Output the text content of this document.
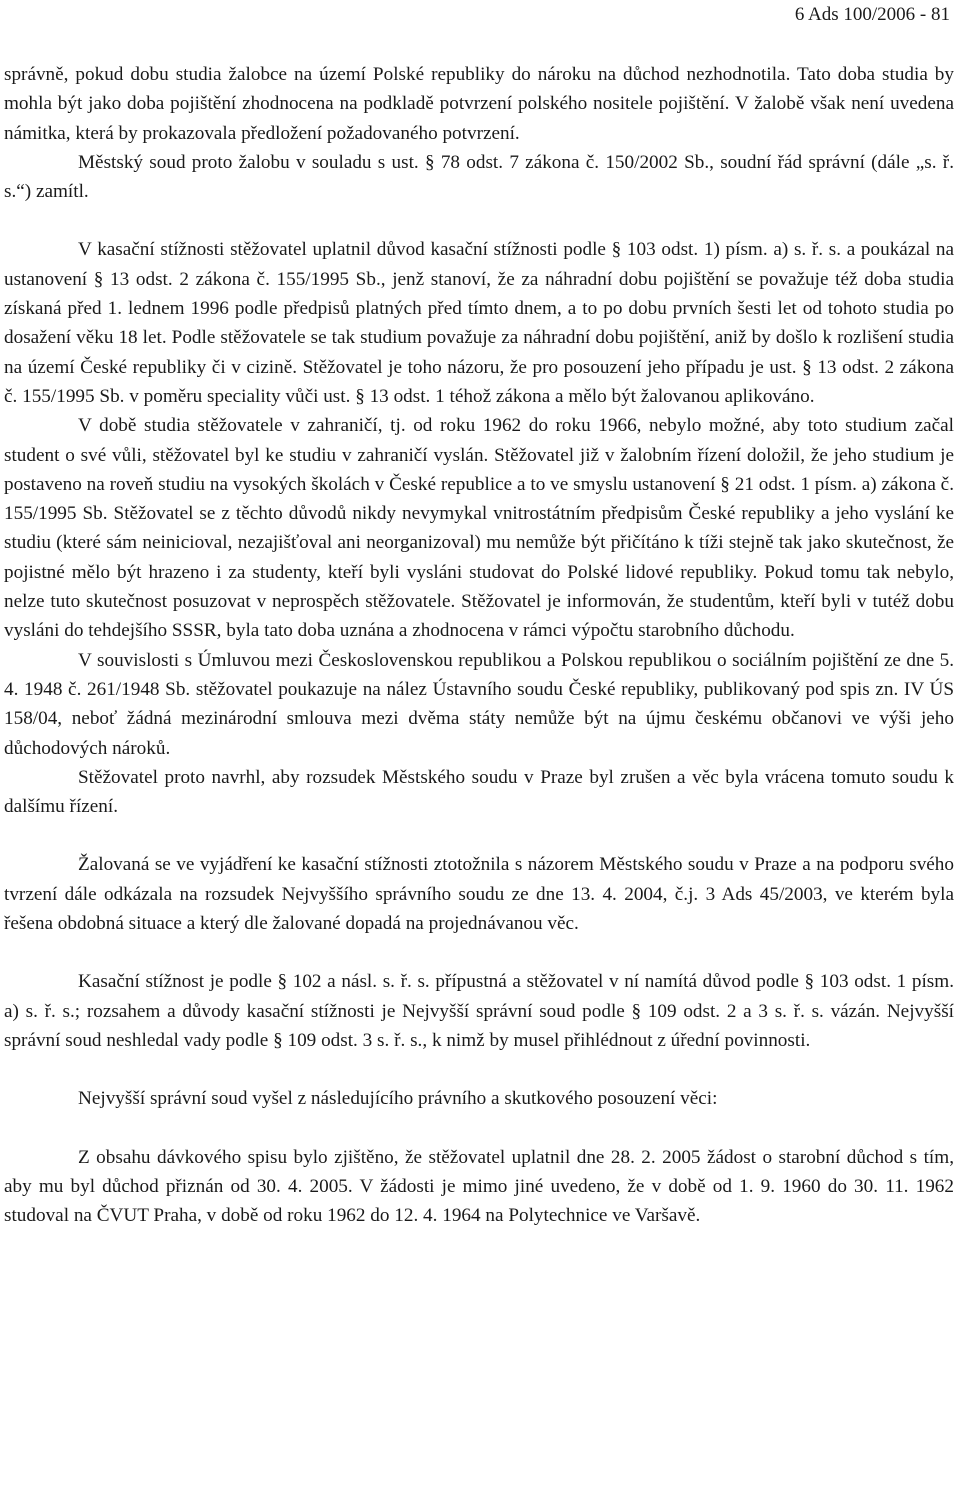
6 Ads 100/2006 - 81

správně, pokud dobu studia žalobce na území Polské republiky do nároku na důchod nezhodnotila. Tato doba studia by mohla být jako doba pojištění zhodnocena na podkladě potvrzení polského nositele pojištění. V žalobě však není uvedena námitka, která by prokazovala předložení požadovaného potvrzení.

Městský soud proto žalobu v souladu s ust. § 78 odst. 7 zákona č. 150/2002 Sb., soudní řád správní (dále „s. ř. s.“) zamítl.

V kasační stížnosti stěžovatel uplatnil důvod kasační stížnosti podle § 103 odst. 1) písm. a) s. ř. s. a poukázal na ustanovení § 13 odst. 2 zákona č. 155/1995 Sb., jenž stanoví, že za náhradní dobu pojištění se považuje též doba studia získaná před 1. lednem 1996 podle předpisů platných před tímto dnem, a to po dobu prvních šesti let od tohoto studia po dosažení věku 18 let. Podle stěžovatele se tak studium považuje za náhradní dobu pojištění, aniž by došlo k rozlišení studia na území České republiky či v cizině. Stěžovatel je toho názoru, že pro posouzení jeho případu je ust. § 13 odst. 2 zákona č. 155/1995 Sb. v poměru speciality vůči ust. § 13 odst. 1 téhož zákona a mělo být žalovanou aplikováno.

V době studia stěžovatele v zahraničí, tj. od roku 1962 do roku 1966, nebylo možné, aby toto studium začal student o své vůli, stěžovatel byl ke studiu v zahraničí vyslán. Stěžovatel již v žalobním řízení doložil, že jeho studium je postaveno na roveň studiu na vysokých školách v České republice a to ve smyslu ustanovení § 21 odst. 1 písm. a) zákona č. 155/1995 Sb. Stěžovatel se z těchto důvodů nikdy nevymykal vnitrostátním předpisům České republiky a jeho vyslání ke studiu (které sám neinicioval, nezajišťoval ani neorganizoval) mu nemůže být přičítáno k tíži stejně tak jako skutečnost, že pojistné mělo být hrazeno i za studenty, kteří byli vysláni studovat do Polské lidové republiky. Pokud tomu tak nebylo, nelze tuto skutečnost posuzovat v neprospěch stěžovatele. Stěžovatel je informován, že studentům, kteří byli v tutéž dobu vysláni do tehdejšího SSSR, byla tato doba uznána a zhodnocena v rámci výpočtu starobního důchodu.

V souvislosti s Úmluvou mezi Československou republikou a Polskou republikou o sociálním pojištění ze dne 5. 4. 1948 č. 261/1948 Sb. stěžovatel poukazuje na nález Ústavního soudu České republiky, publikovaný pod spis zn. IV ÚS 158/04, neboť žádná mezinárodní smlouva mezi dvěma státy nemůže být na újmu českému občanovi ve výši jeho důchodových nároků.

Stěžovatel proto navrhl, aby rozsudek Městského soudu v Praze byl zrušen a věc byla vrácena tomuto soudu k dalšímu řízení.

Žalovaná se ve vyjádření ke kasační stížnosti ztotožnila s názorem Městského soudu v Praze a na podporu svého tvrzení dále odkázala na rozsudek Nejvyššího správního soudu ze dne 13. 4. 2004, č.j. 3 Ads 45/2003, ve kterém byla řešena obdobná situace a který dle žalované dopadá na projednávanou věc.

Kasační stížnost je podle § 102 a násl. s. ř. s. přípustná a stěžovatel v ní namítá důvod podle § 103 odst. 1 písm. a) s. ř. s.; rozsahem a důvody kasační stížnosti je Nejvyšší správní soud podle § 109 odst. 2 a 3 s. ř. s. vázán. Nejvyšší správní soud neshledal vady podle § 109 odst. 3 s. ř. s., k nimž by musel přihlédnout z úřední povinnosti.

Nejvyšší správní soud vyšel z následujícího právního a skutkového posouzení věci:

Z obsahu dávkového spisu bylo zjištěno, že stěžovatel uplatnil dne 28. 2. 2005 žádost o starobní důchod s tím, aby mu byl důchod přiznán od 30. 4. 2005. V žádosti je mimo jiné uvedeno, že v době od 1. 9. 1960 do 30. 11. 1962 studoval na ČVUT Praha, v době od roku 1962 do 12. 4. 1964 na Polytechnice ve Varšavě.
